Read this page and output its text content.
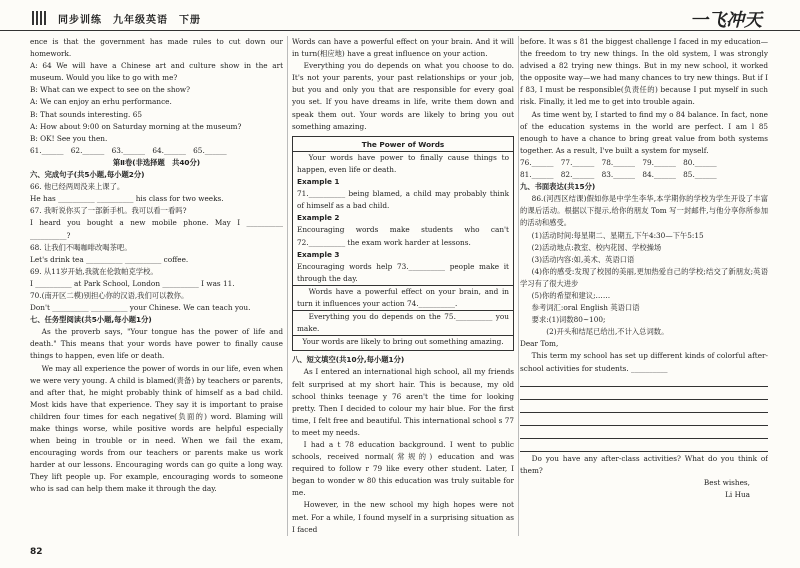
同步训练　九年级英语　下册	一飞冲天

ence is that the government has made rules to cut down our homework.

A: 64 We will have a Chinese art and culture show in the art museum. Would you like to go with me?

B: What can we expect to see on the show?

A: We can enjoy an erhu performance.

B: That sounds interesting. 65

A: How about 9:00 on Saturday morning at the museum?

B: OK! See you then.

61.______　62.______　63.______　64.______　65.______

第Ⅱ卷(非选择题　共40分)

六、完成句子(共5小题,每小题2分)

66. 他已经两周没来上课了。

He has __________ __________ his class for two weeks.

67. 我听说你买了一部新手机。我可以看一看吗?

I heard you bought a new mobile phone. May I __________ __________?

68. 让我们不喝咖啡改喝茶吧。

Let's drink tea __________ __________ coffee.

69. 从11岁开始,我就在伦敦帕克学校。

I __________ at Park School, London __________ I was 11.

70.(南开区二模)别担心你的汉语,我们可以教你。

Don't __________ __________ your Chinese. We can teach you.

七、任务型阅读(共5小题,每小题1分)

As the proverb says, "Your tongue has the power of life and death." This means that your words have power to finally cause things to happen, even life or death.

We may all experience the power of words in our life, even when we were very young. A child is blamed(责备) by teachers or parents, and after that, he might probably think of himself as a bad child. Most kids have that experience. They say it is important to praise children four times for each negative(负面的) word. Blaming will make things worse, while positive words are helpful especially when being in trouble or in need. When we fail the exam, encouraging words from our teachers or parents make us work harder at our lessons. Encouraging words can go quite a long way. They lift people up. For example, encouraging words to someone who is sad can help them make it through the day.

Words can have a powerful effect on your brain. And it will in turn(相应地) have a great influence on your action.

Everything you do depends on what you choose to do. It's not your parents, your past relationships or your job, but you and only you that are responsible for every goal you set. If you have dreams in life, write them down and speak them out. Your words are likely to bring you out something amazing.

The Power of Words

Your words have power to finally cause things to happen, even life or death.

Example 1

71.__________ being blamed, a child may probably think of himself as a bad child.

Example 2

Encouraging words make students who can't 72.__________ the exam work harder at lessons.

Example 3

Encouraging words help 73.__________ people make it through the day.

Words have a powerful effect on your brain, and in turn it influences your action 74.__________.

Everything you do depends on the 75.__________ you make.

Your words are likely to bring out something amazing.

八、短文填空(共10分,每小题1分)

As I entered an international high school, all my friends felt surprised at my short hair. This is because, my old school thinks teenage y 76 aren't the time for looking pretty. Then I decided to colour my hair blue. For the first time, I felt free and beautiful. This international school s 77 to meet my needs.

I had a t 78 education background. I went to public schools, received normal(常规的) education and was required to follow r 79 like every other student. Later, I began to wonder w 80 this education was truly suitable for me.

However, in the new school my high hopes were not met. For a while, I found myself in a surprising situation as I faced

before. It was s 81 the biggest challenge I faced in my education—the freedom to try new things. In the old system, I was strongly advised a 82 trying new things. But in my new school, it worked the opposite way—we had many chances to try new things. But if I f 83, I must be responsible(负责任的) because I put myself in such risk. Finally, it led me to get into trouble again.

As time went by, I started to find my o 84 balance. In fact, none of the education systems in the world are perfect. I am l 85 enough to have a chance to bring great value from both systems together. As a result, I've built a system for myself.

76.______　77.______　78.______　79.______　80.______

81.______　82.______　83.______　84.______　85.______

九、书面表达(共15分)

86.(河西区结课)假如你是中学生李华,本学期你的学校为学生开设了丰富的课后活动。根据以下提示,给你的朋友 Tom 写一封邮件,与他分享你所参加的活动和感受。

(1)活动时间:每星期二、星期五,下午4:30—下午5:15

(2)活动地点:教室、校内花园、学校操场

(3)活动内容:如,美术、英语口语

(4)你的感受:发现了校园的美丽,更加热爱自己的学校;结交了新朋友;英语学习有了很大进步

(5)你的希望和建议;……

参考词汇:oral English 英语口语

要求:(1)词数80~100;

　　(2)开头和结尾已给出,不计入总词数。

Dear Tom,

This term my school has set up different kinds of colorful after-school activities for students. __________

Do you have any after-class activities? What do you think of them?

Best wishes,

Li Hua

82
